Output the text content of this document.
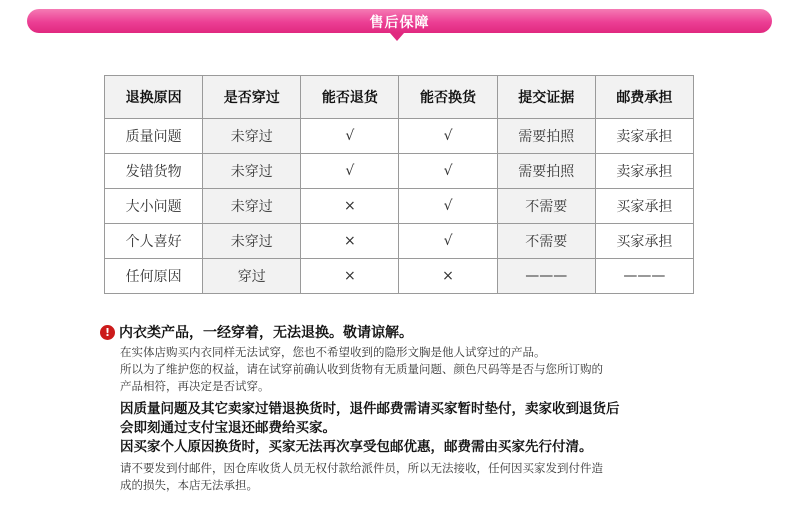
售后保障
退换原因	是否穿过	能否退货	能否换货	提交证据	邮费承担
质量问题	未穿过	√	√	需要拍照	卖家承担
发错货物	未穿过	√	√	需要拍照	卖家承担
大小问题	未穿过	×	√	不需要	买家承担
个人喜好	未穿过	×	√	不需要	买家承担
任何原因	穿过	×	×	———	———
! 内衣类产品，一经穿着，无法退换。敬请谅解。
在实体店购买内衣同样无法试穿，您也不希望收到的隐形文胸是他人试穿过的产品。
所以为了维护您的权益，请在试穿前确认收到货物有无质量问题、颜色尺码等是否与您所订购的
产品相符，再决定是否试穿。
因质量问题及其它卖家过错退换货时，退件邮费需请买家暂时垫付，卖家收到退货后
会即刻通过支付宝退还邮费给买家。
因买家个人原因换货时，买家无法再次享受包邮优惠，邮费需由买家先行付清。
请不要发到付邮件，因仓库收货人员无权付款给派件员，所以无法接收，任何因买家发到付件造
成的损失，本店无法承担。
